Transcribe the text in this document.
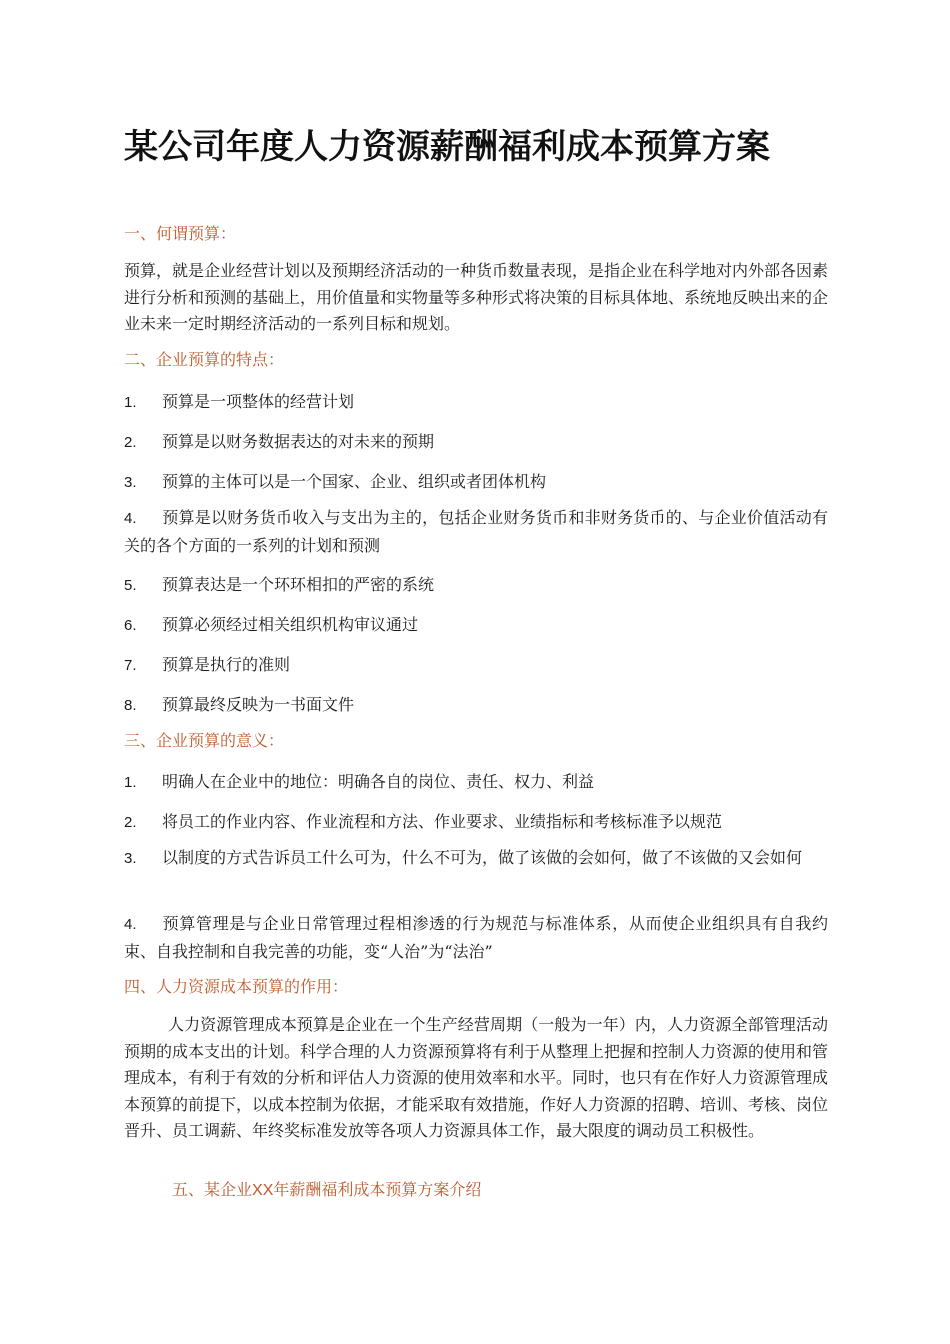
某公司年度人力资源薪酬福利成本预算方案
一、何谓预算：

预算，就是企业经营计划以及预期经济活动的一种货币数量表现，是指企业在科学地对内外部各因素进行分析和预测的基础上，用价值量和实物量等多种形式将决策的目标具体地、系统地反映出来的企业未来一定时期经济活动的一系列目标和规划。

二、企业预算的特点：

1. 预算是一项整体的经营计划

2. 预算是以财务数据表达的对未来的预期

3. 预算的主体可以是一个国家、企业、组织或者团体机构

4. 预算是以财务货币收入与支出为主的，包括企业财务货币和非财务货币的、与企业价值活动有关的各个方面的一系列的计划和预测

5. 预算表达是一个环环相扣的严密的系统

6. 预算必须经过相关组织机构审议通过

7. 预算是执行的准则

8. 预算最终反映为一书面文件

三、企业预算的意义：

1. 明确人在企业中的地位：明确各自的岗位、责任、权力、利益

2. 将员工的作业内容、作业流程和方法、作业要求、业绩指标和考核标准予以规范

3. 以制度的方式告诉员工什么可为，什么不可为，做了该做的会如何，做了不该做的又会如何

4. 预算管理是与企业日常管理过程相渗透的行为规范与标准体系，从而使企业组织具有自我约束、自我控制和自我完善的功能，变“人治”为“法治”

四、人力资源成本预算的作用：

人力资源管理成本预算是企业在一个生产经营周期（一般为一年）内，人力资源全部管理活动预期的成本支出的计划。科学合理的人力资源预算将有利于从整理上把握和控制人力资源的使用和管理成本，有利于有效的分析和评估人力资源的使用效率和水平。同时，也只有在作好人力资源管理成本预算的前提下，以成本控制为依据，才能采取有效措施，作好人力资源的招聘、培训、考核、岗位晋升、员工调薪、年终奖标准发放等各项人力资源具体工作，最大限度的调动员工积极性。

五、某企业XX年薪酬福利成本预算方案介绍
